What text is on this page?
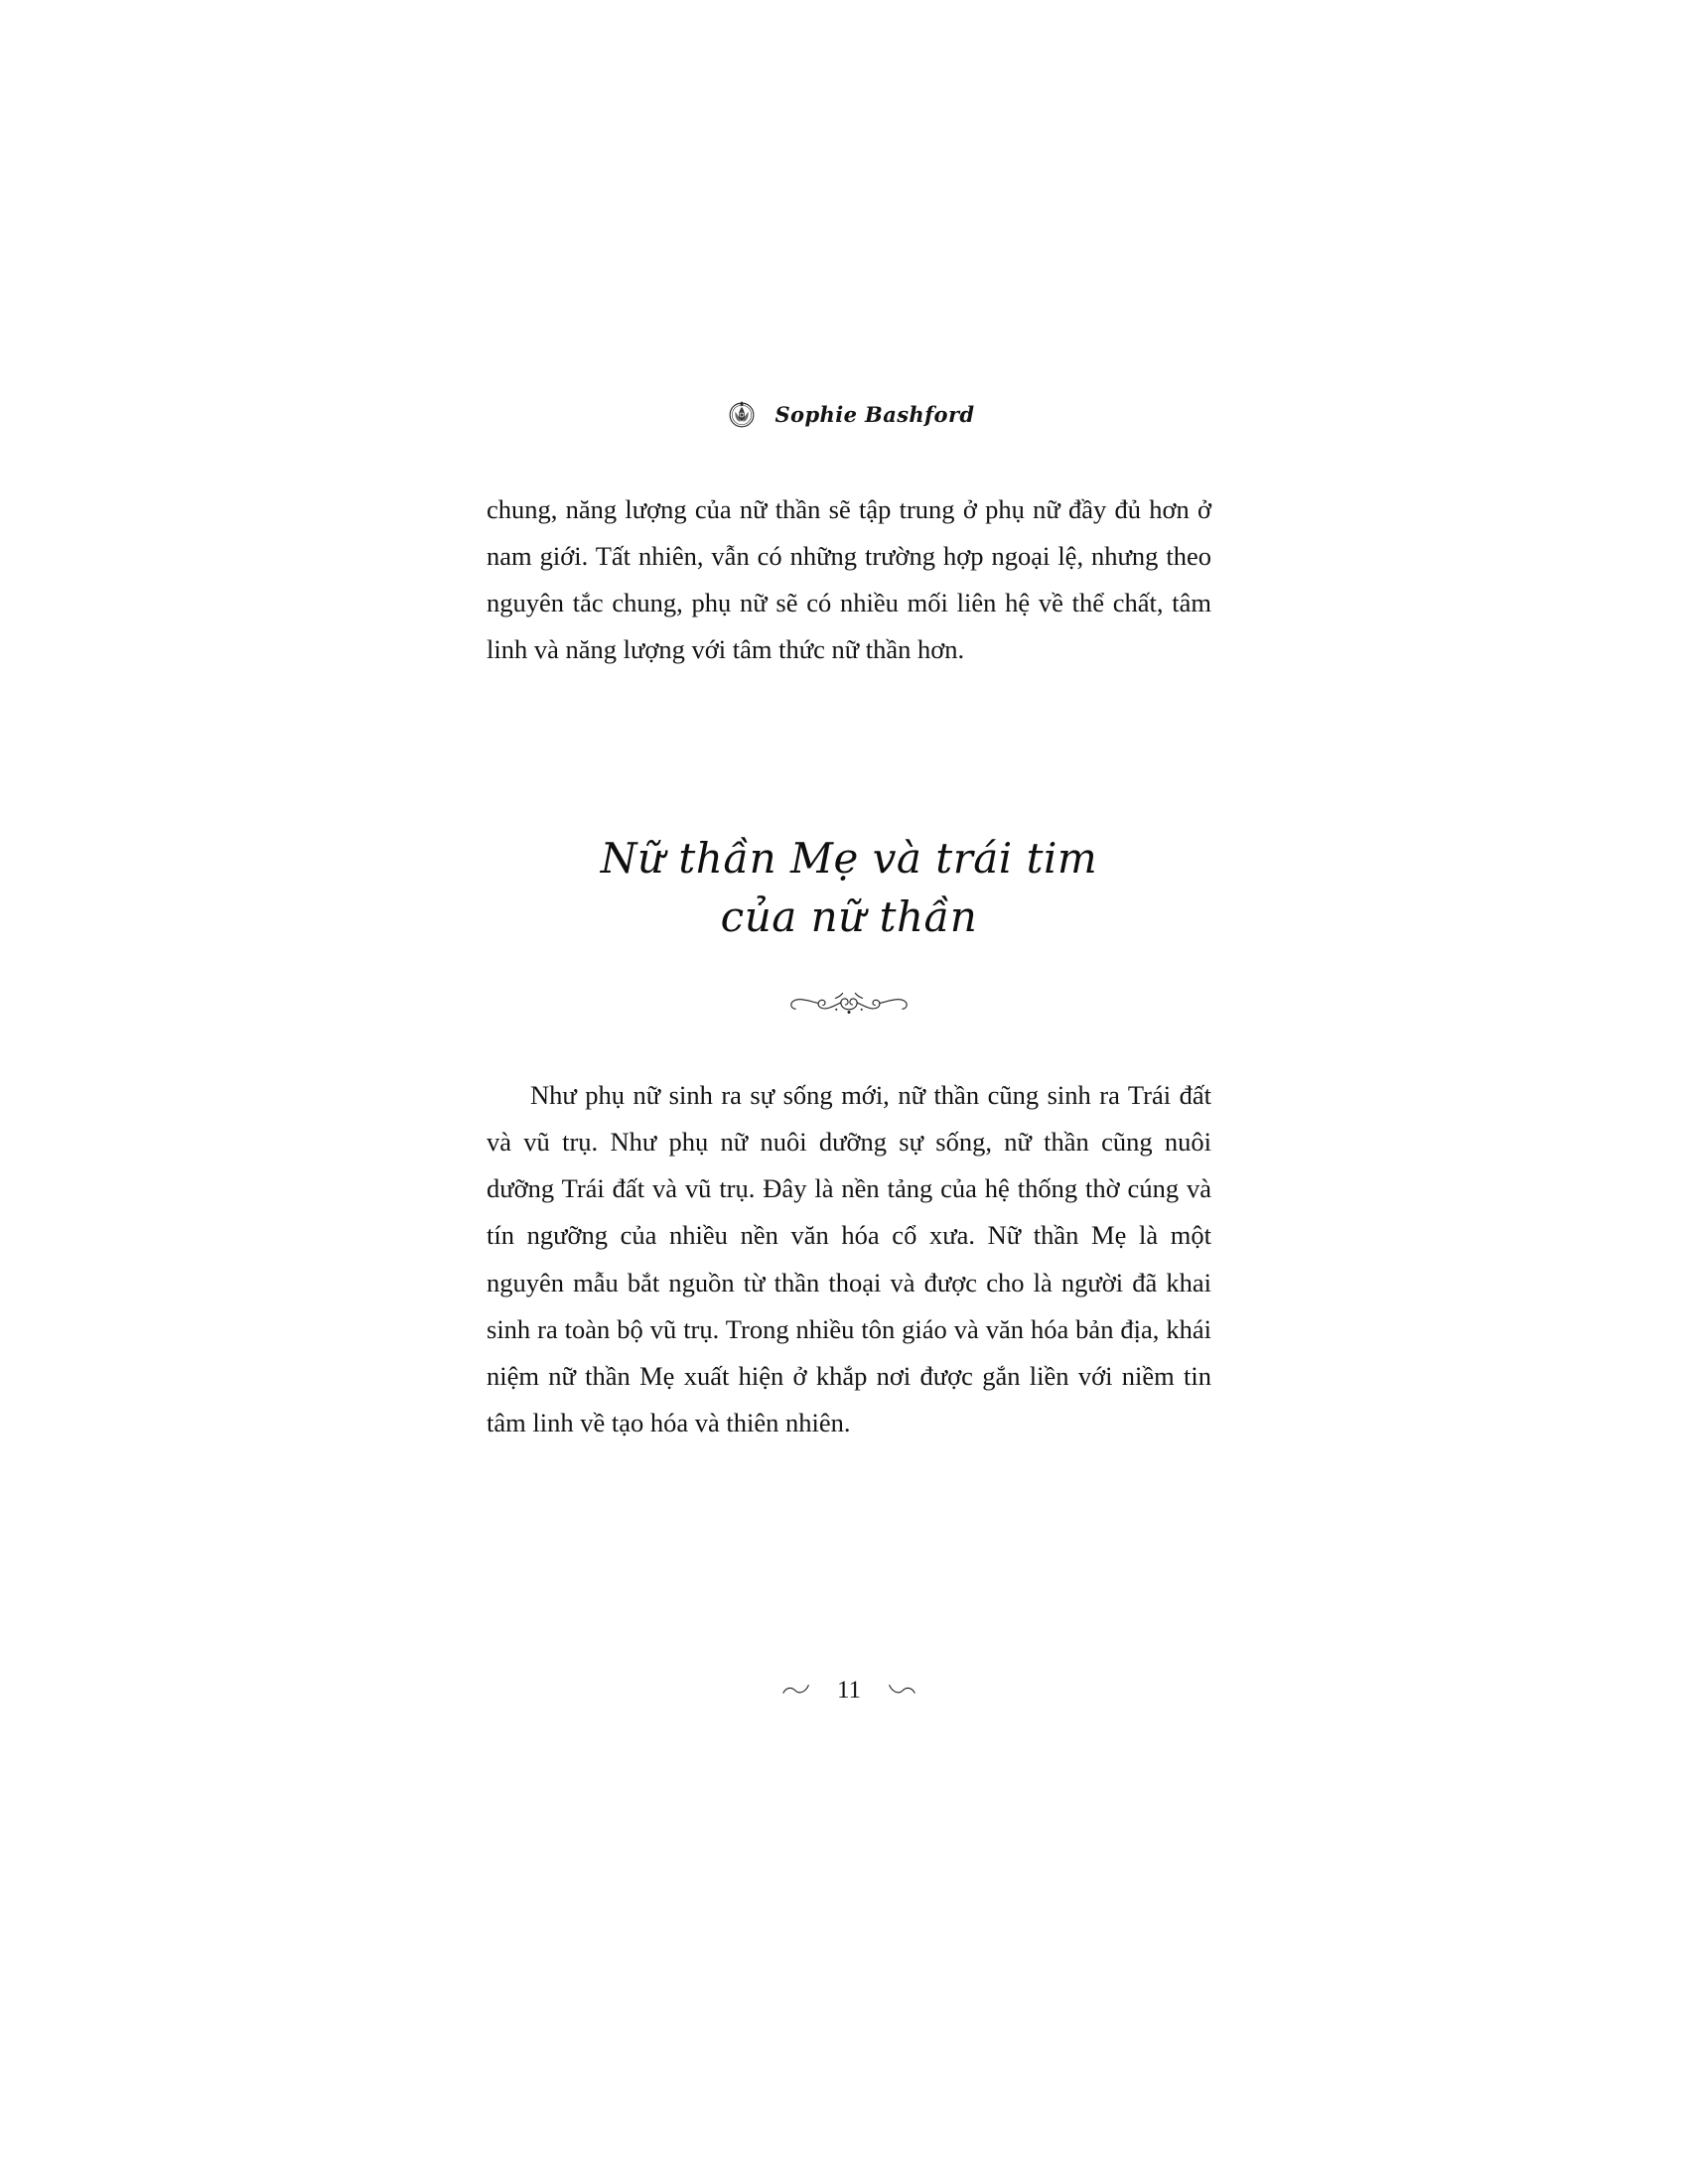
Sophie Bashford

chung, năng lượng của nữ thần sẽ tập trung ở phụ nữ đầy đủ hơn ở nam giới. Tất nhiên, vẫn có những trường hợp ngoại lệ, nhưng theo nguyên tắc chung, phụ nữ sẽ có nhiều mối liên hệ về thể chất, tâm linh và năng lượng với tâm thức nữ thần hơn.

Nữ thần Mẹ và trái tim
của nữ thần

Như phụ nữ sinh ra sự sống mới, nữ thần cũng sinh ra Trái đất và vũ trụ. Như phụ nữ nuôi dưỡng sự sống, nữ thần cũng nuôi dưỡng Trái đất và vũ trụ. Đây là nền tảng của hệ thống thờ cúng và tín ngưỡng của nhiều nền văn hóa cổ xưa. Nữ thần Mẹ là một nguyên mẫu bắt nguồn từ thần thoại và được cho là người đã khai sinh ra toàn bộ vũ trụ. Trong nhiều tôn giáo và văn hóa bản địa, khái niệm nữ thần Mẹ xuất hiện ở khắp nơi được gắn liền với niềm tin tâm linh về tạo hóa và thiên nhiên.

11
